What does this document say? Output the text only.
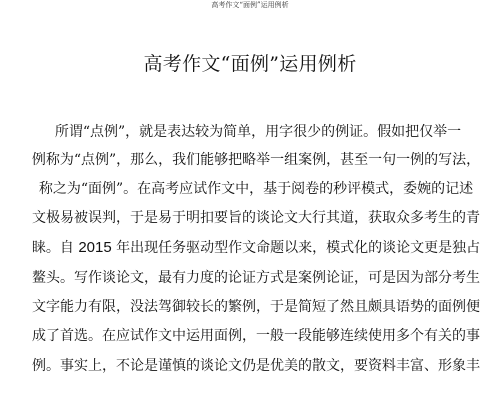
高考作文“面例”运用例析
高考作文“面例”运用例析
所谓“点例”，就是表达较为简单，用字很少的例证。假如把仅举一
例称为“点例”，那么，我们能够把略举一组案例，甚至一句一例的写法，
称之为“面例”。在高考应试作文中，基于阅卷的秒评模式，委婉的记述
文极易被误判，于是易于明扣要旨的谈论文大行其道，获取众多考生的青
睐。自 2015 年出现任务驱动型作文命题以来，模式化的谈论文更是独占
鳌头。写作谈论文，最有力度的论证方式是案例论证，可是因为部分考生
文字能力有限，没法驾御较长的繁例，于是简短了然且颇具语势的面例便
成了首选。在应试作文中运用面例，一般一段能够连续使用多个有关的事
例。事实上，不论是谨慎的谈论文仍是优美的散文，要资料丰富、形象丰
